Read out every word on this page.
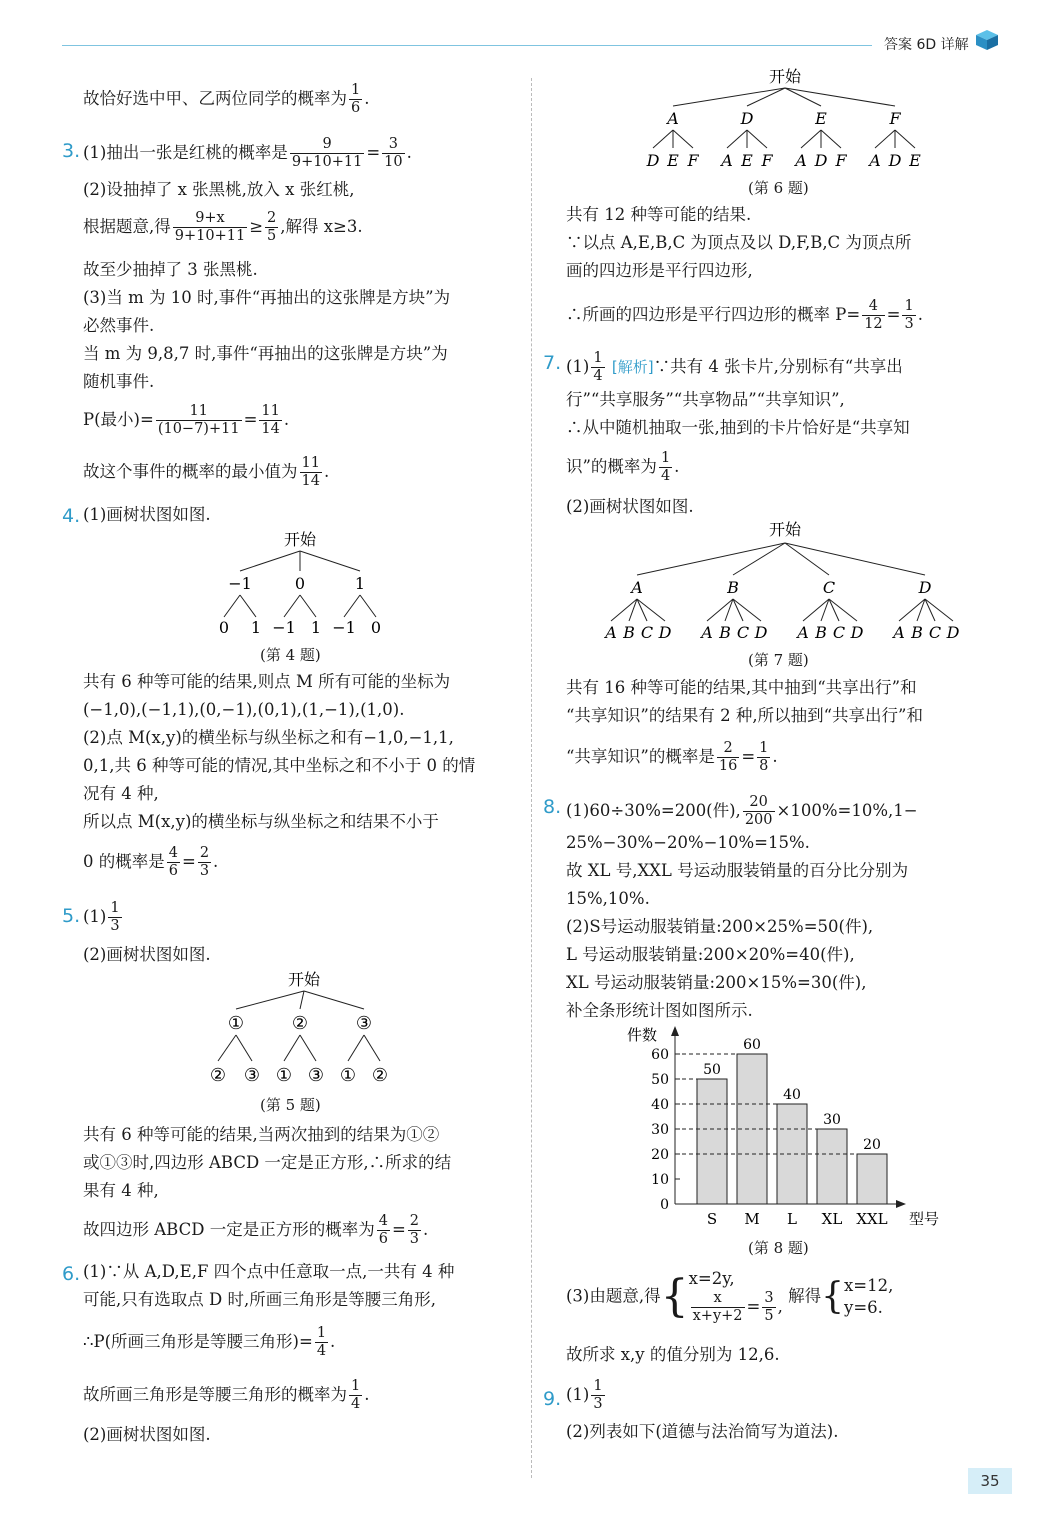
答案 6D 详解
故恰好选中甲、乙两位同学的概率为 $\frac{1}{6}$ .
3. (1)抽出一张是红桃的概率是 $\frac{9}{9+10+11} = \frac{3}{10}$ .
(2)设抽掉了 x 张黑桃,放入 x 张红桃,
根据题意,得 $\frac{9+x}{9+10+11} \ge \frac{2}{5}$ ,解得 x≥3.
故至少抽掉了 3 张黑桃.
(3)当 m 为 10 时,事件“再抽出的这张牌是方块”为
必然事件.
当 m 为 9,8,7 时,事件“再抽出的这张牌是方块”为
随机事件.
P(最小)= $\frac{11}{(10-7)+11} = \frac{11}{14}$ .
故这个事件的概率的最小值为 $\frac{11}{14}$ .
4. (1)画树状图如图.
开始
−1	0	1
0 1 −1 1 −1 0
(第 4 题)
共有 6 种等可能的结果,则点 M 所有可能的坐标为
(−1,0),(−1,1),(0,−1),(0,1),(1,−1),(1,0).
(2)点 M(x,y)的横坐标与纵坐标之和有−1,0,−1,1,
0,1,共 6 种等可能的情况,其中坐标之和不小于 0 的情
况有 4 种,
所以点 M(x,y)的横坐标与纵坐标之和结果不小于
0 的概率是 $\frac{4}{6} = \frac{2}{3}$ .
5. $(1) \frac{1}{3}$
(2)画树状图如图.
开始
①	②	③
② ③ ① ③ ① ②
(第 5 题)
共有 6 种等可能的结果,当两次抽到的结果为①②
或①③时,四边形 ABCD 一定是正方形,∴所求的结
果有 4 种,
故四边形 ABCD 一定是正方形的概率为 $\frac{4}{6} = \frac{2}{3}$ .
6. (1)∵从 A,D,E,F 四个点中任意取一点,一共有 4 种
可能,只有选取点 D 时,所画三角形是等腰三角形,
∴P(所画三角形是等腰三角形)= $\frac{1}{4}$ .
故所画三角形是等腰三角形的概率为 $\frac{1}{4}$ .
(2)画树状图如图.
开始
A	D	E	F
D E F A E F A D F A D E
(第 6 题)
共有 12 种等可能的结果.
∵以点 A,E,B,C 为顶点及以 D,F,B,C 为顶点所
画的四边形是平行四边形,
∴所画的四边形是平行四边形的概率 $P= \frac{4}{12} = \frac{1}{3}$ .
7. $(1) \frac{1}{4}$ [解析]∵共有 4 张卡片,分别标有“共享出
行”“共享服务”“共享物品”“共享知识”,
∴从中随机抽取一张,抽到的卡片恰好是“共享知
识”的概率为 $\frac{1}{4}$ .
(2)画树状图如图.
开始
A	B	C	D
A B C D A B C D A B C D A B C D
(第 7 题)
共有 16 种等可能的结果,其中抽到“共享出行”和
“共享知识”的结果有 2 种,所以抽到“共享出行”和
“共享知识”的概率是 $\frac{2}{16} = \frac{1}{8}$ .
8. (1)60÷30%=200(件), $\frac{20}{200} \times 100\%=10\%,1-$
25%−30%−20%−10%=15%.
故 XL 号,XXL 号运动服装销量的百分比分别为
15%,10%.
(2)S号运动服装销量:200×25%=50(件),
L 号运动服装销量:200×20%=40(件),
XL 号运动服装销量:200×15%=30(件),
补全条形统计图如图所示.
件数
0
10
20
30
40
50
60
50
S
60
M
40
L
30
XL
20
XXL 型号
(第 8 题)
(3)由题意,得{ x=2y,
$\frac{x}{x+y+2} = \frac{3}{5}$ ,
解得{ x=12,
y=6.
故所求 x,y 的值分别为 12,6.
9. $(1) \frac{1}{3}$
(2)列表如下(道德与法治简写为道法).
35
